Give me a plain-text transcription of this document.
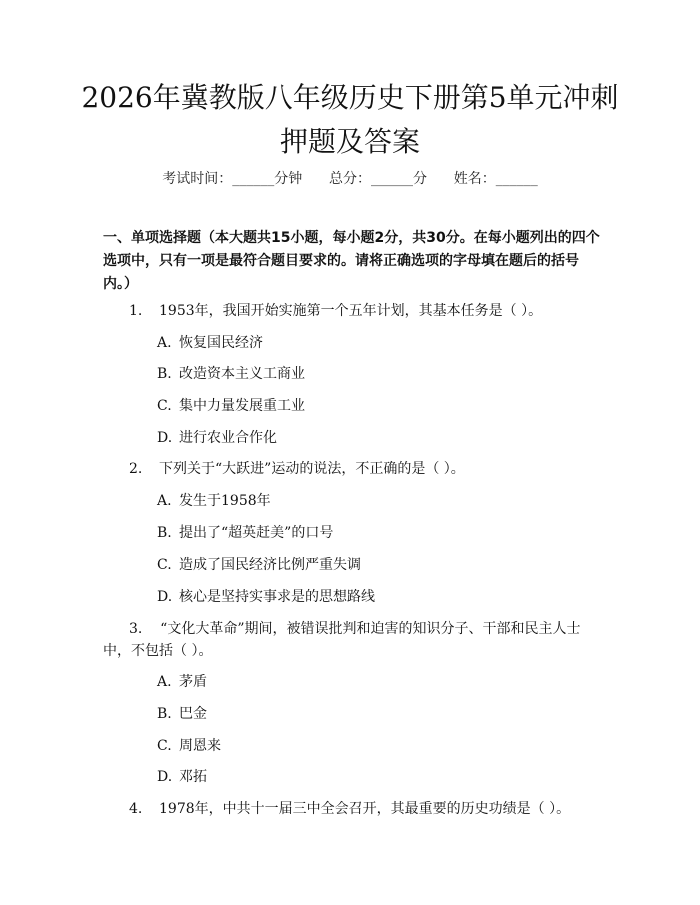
2026年冀教版八年级历史下册第5单元冲刺
押题及答案
考试时间：______分钟      总分：______分      姓名：______
一、单项选择题（本大题共15小题，每小题2分，共30分。在每小题列出的四个选项中，只有一项是最符合题目要求的。请将正确选项的字母填在题后的括号内。）
1. 1953年，我国开始实施第一个五年计划，其基本任务是（ ）。
A. 恢复国民经济
B. 改造资本主义工商业
C. 集中力量发展重工业
D. 进行农业合作化
2. 下列关于“大跃进”运动的说法，不正确的是（ ）。
A. 发生于1958年
B. 提出了“超英赶美”的口号
C. 造成了国民经济比例严重失调
D. 核心是坚持实事求是的思想路线
3. “文化大革命”期间，被错误批判和迫害的知识分子、干部和民主人士中，不包括（ ）。
A. 茅盾
B. 巴金
C. 周恩来
D. 邓拓
4. 1978年，中共十一届三中全会召开，其最重要的历史功绩是（ ）。
